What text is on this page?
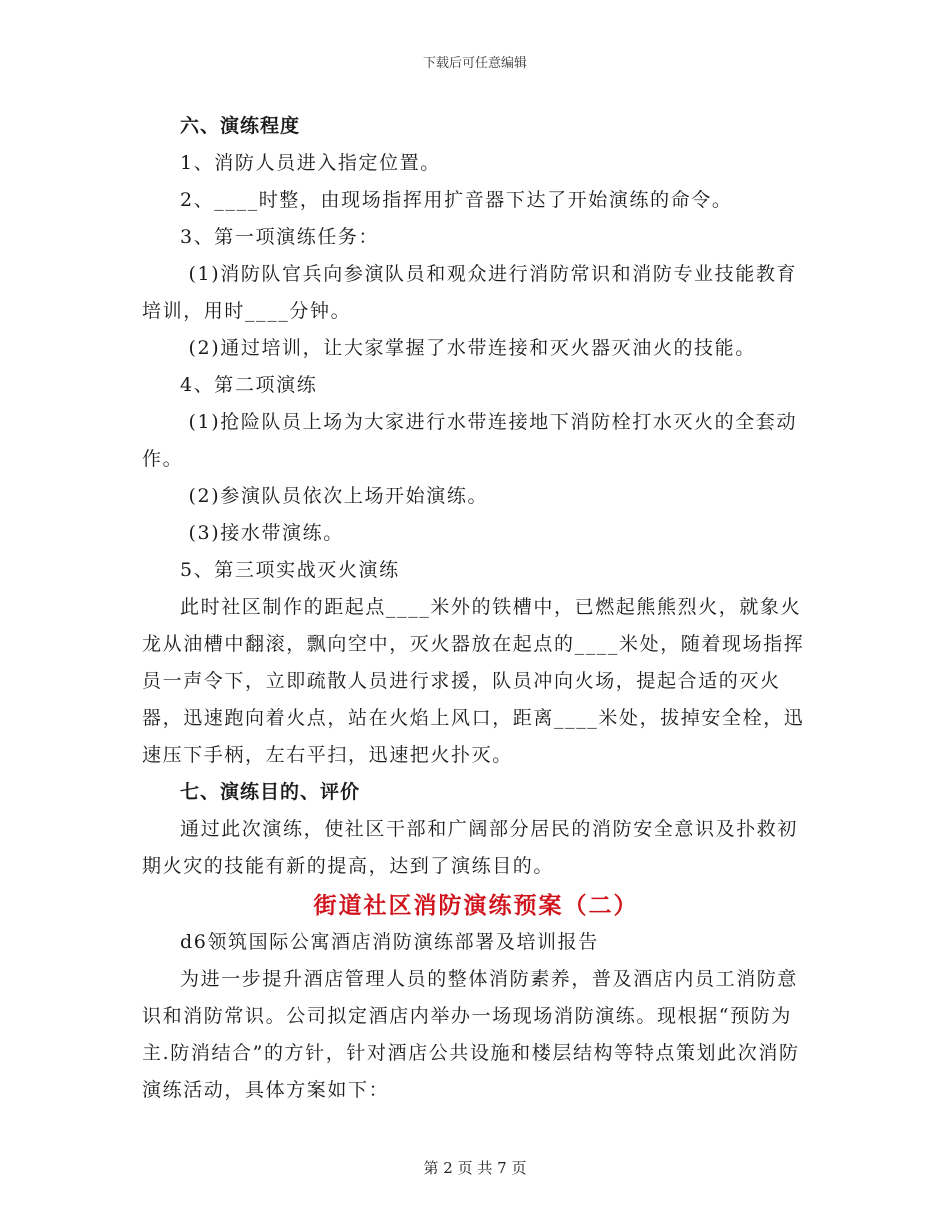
下载后可任意编辑

六、演练程度

1、消防人员进入指定位置。

2、____时整，由现场指挥用扩音器下达了开始演练的命令。

3、第一项演练任务：

(1)消防队官兵向参演队员和观众进行消防常识和消防专业技能教育培训，用时____分钟。

(2)通过培训，让大家掌握了水带连接和灭火器灭油火的技能。

4、第二项演练

(1)抢险队员上场为大家进行水带连接地下消防栓打水灭火的全套动作。

(2)参演队员依次上场开始演练。

(3)接水带演练。

5、第三项实战灭火演练

此时社区制作的距起点____米外的铁槽中，已燃起熊熊烈火，就象火龙从油槽中翻滚，飘向空中，灭火器放在起点的____米处，随着现场指挥员一声令下，立即疏散人员进行求援，队员冲向火场，提起合适的灭火器，迅速跑向着火点，站在火焰上风口，距离____米处，拔掉安全栓，迅速压下手柄，左右平扫，迅速把火扑灭。

七、演练目的、评价

通过此次演练，使社区干部和广阔部分居民的消防安全意识及扑救初期火灾的技能有新的提高，达到了演练目的。

街道社区消防演练预案（二）

d6领筑国际公寓酒店消防演练部署及培训报告

为进一步提升酒店管理人员的整体消防素养，普及酒店内员工消防意识和消防常识。公司拟定酒店内举办一场现场消防演练。现根据“预防为主.防消结合”的方针，针对酒店公共设施和楼层结构等特点策划此次消防演练活动，具体方案如下：

第 2 页 共 7 页
